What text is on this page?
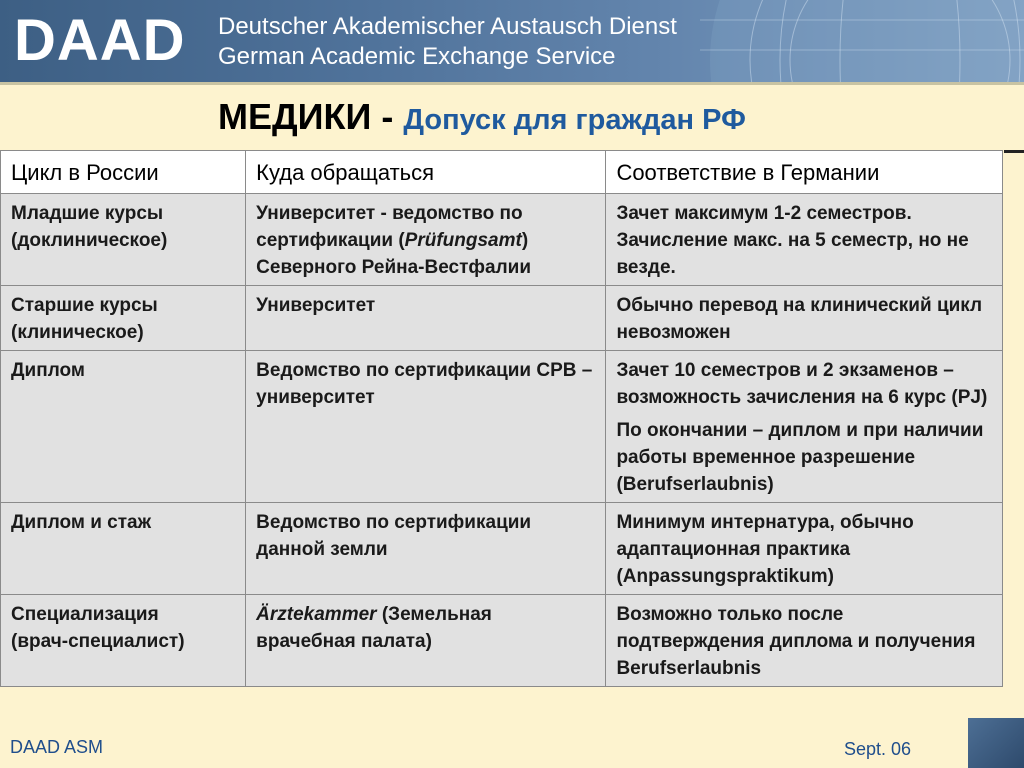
DAAD Deutscher Akademischer Austausch Dienst
German Academic Exchange Service
МЕДИКИ - Допуск для граждан РФ
Цикл в России	Куда обращаться	Соответствие в Германии

Младшие курсы
(доклиническое)	Университет - ведомство по сертификации (Prüfungsamt) Северного Рейна-Вестфалии	Зачет максимум 1-2 семестров. Зачисление макс. на 5 семестр, но не везде.

Старшие курсы
(клиническое)	Университет	Обычно перевод на клинический цикл невозможен

Диплом	Ведомство по сертификации СРВ – университет	Зачет 10 семестров и 2 экзаменов – возможность зачисления на 6 курс (PJ)
По окончании – диплом и при наличии работы временное разрешение (Berufserlaubnis)

Диплом и стаж	Ведомство по сертификации данной земли	Минимум интернатура, обычно адаптационная практика (Anpassungspraktikum)

Специализация
(врач-специалист)	Ärztekammer (Земельная врачебная палата)	Возможно только после подтверждения диплома и получения Berufserlaubnis
DAAD ASM	Sept. 06
